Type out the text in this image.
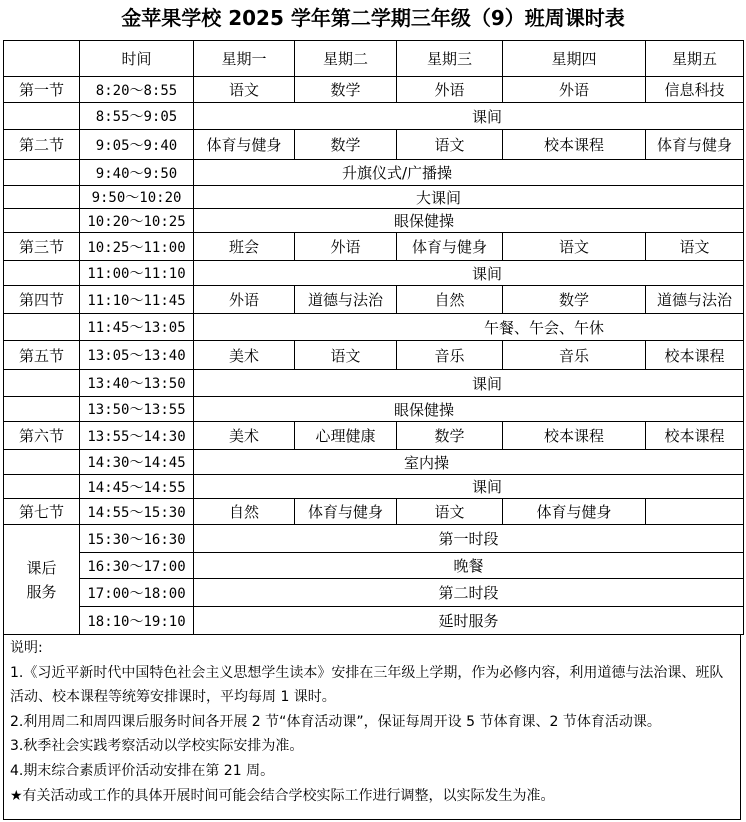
金苹果学校 2025 学年第二学期三年级（9）班周课时表
	时间	星期一	星期二	星期三	星期四	星期五
第一节	8:20～8:55	语文	数学	外语	外语	信息科技
	8:55～9:05	课间				
第二节	9:05～9:40	体育与健身	数学	语文	校本课程	体育与健身
	9:40～9:50	升旗仪式/广播操				
	9:50～10:20	大课间				
	10:20～10:25	眼保健操				
第三节	10:25～11:00	班会	外语	体育与健身	语文	语文
	11:00～11:10	课间				
第四节	11:10～11:45	外语	道德与法治	自然	数学	道德与法治
	11:45～13:05	午餐、午会、午休				
第五节	13:05～13:40	美术	语文	音乐	音乐	校本课程
	13:40～13:50	课间				
	13:50～13:55	眼保健操				
第六节	13:55～14:30	美术	心理健康	数学	校本课程	校本课程
	14:30～14:45	室内操				
	14:45～14:55	课间				
第七节	14:55～15:30	自然	体育与健身	语文	体育与健身	

课后
服务	15:30～16:30	第一时段				
	16:30～17:00	晚餐				
	17:00～18:00	第二时段				
	18:10～19:10	延时服务				

说明:

1.《习近平新时代中国特色社会主义思想学生读本》安排在三年级上学期，作为必修内容，利用道德与法治课、班队活动、校本课程等统筹安排课时，平均每周 1 课时。

2.利用周二和周四课后服务时间各开展 2 节“体育活动课”，保证每周开设 5 节体育课、2 节体育活动课。

3.秋季社会实践考察活动以学校实际安排为准。

4.期末综合素质评价活动安排在第 21 周。

★有关活动或工作的具体开展时间可能会结合学校实际工作进行调整，以实际发生为准。
